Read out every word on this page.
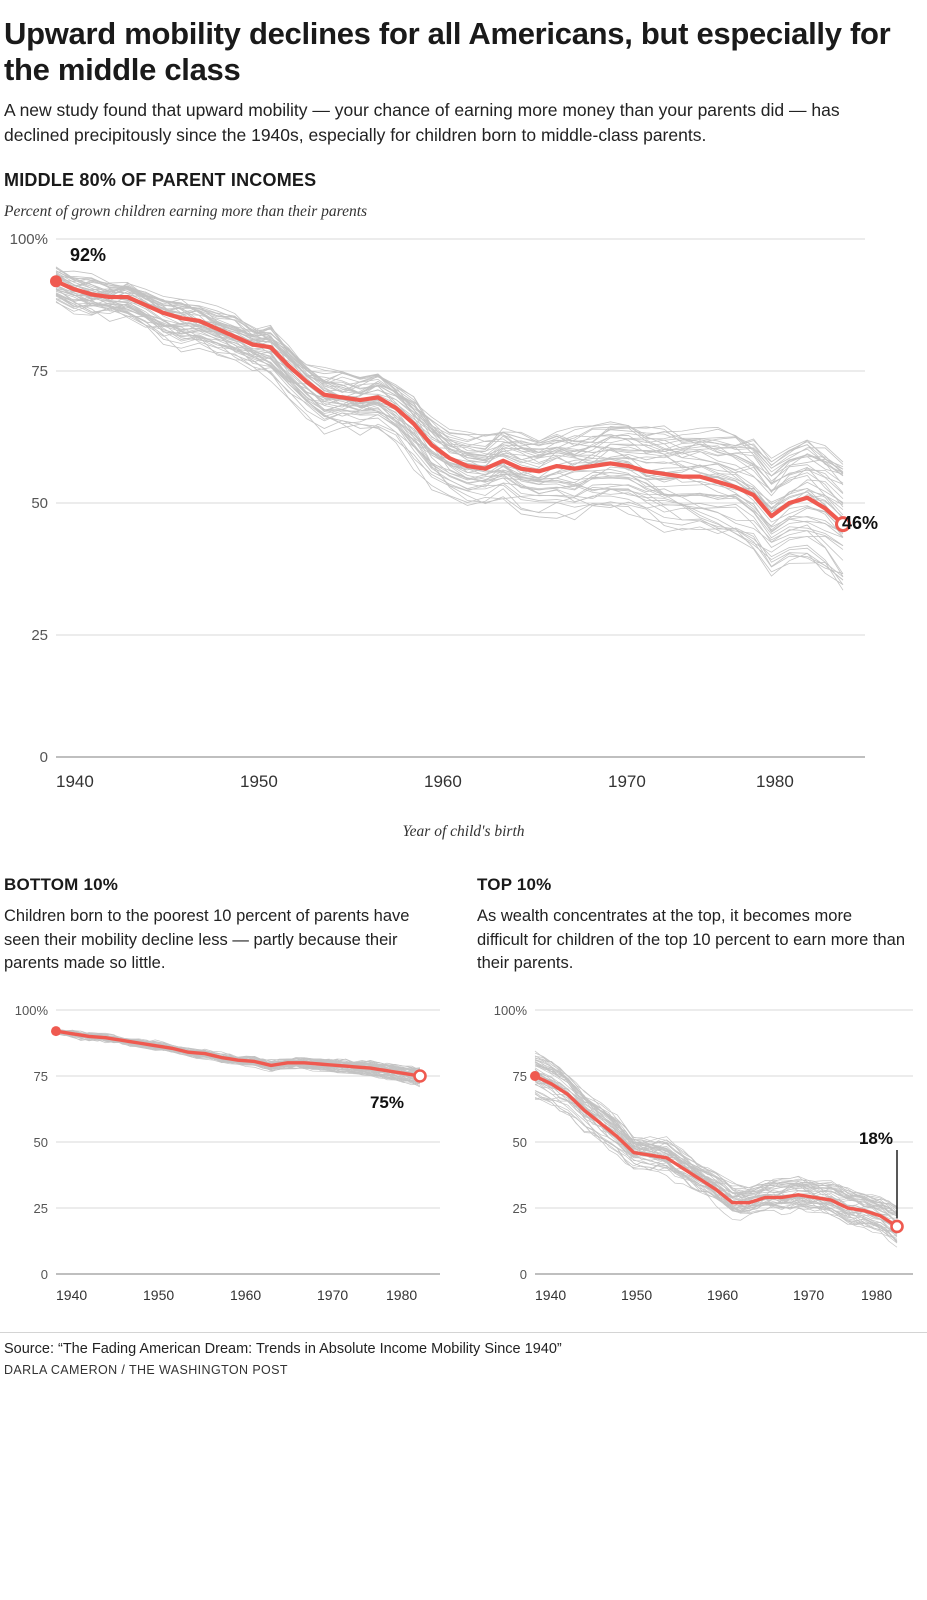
Upward mobility declines for all Americans, but especially for the middle class

A new study found that upward mobility — your chance of earning more money than your parents did — has declined precipitously since the 1940s, especially for children born to middle-class parents.

MIDDLE 80% OF PARENT INCOMES
Percent of grown children earning more than their parents
100%
75
50
25
0
1940	1950	1960	1970	1980
92%
46%
Year of child's birth
BOTTOM 10%

Children born to the poorest 10 percent of parents have seen their mobility decline less — partly because their parents made so little.

100%
75
50
25
0
1940	1950	1960	1970	1980
75%
TOP 10%

As wealth concentrates at the top, it becomes more difficult for children of the top 10 percent to earn more than their parents.

100%
75
50
25
0
1940	1950	1960	1970	1980
18%
Source: “The Fading American Dream: Trends in Absolute Income Mobility Since 1940”
DARLA CAMERON / THE WASHINGTON POST
